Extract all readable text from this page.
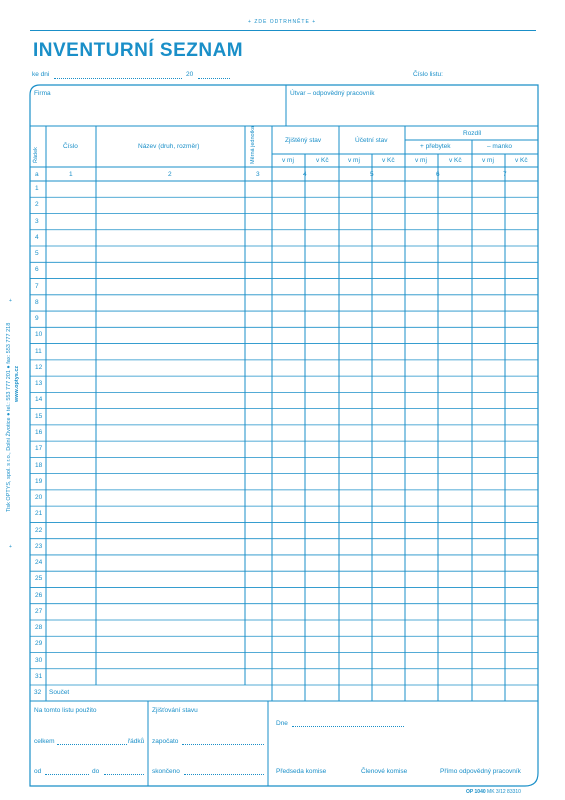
+ ZDE ODTRHNĚTE +
INVENTURNÍ SEZNAM
ke dni	20	Číslo listu:
Tisk OPTYS, spol. s r.o., Dolní Životice ● tel.: 553 777 201 ● fax: 553 777 218 www.optys.cz
+
+
Firma	Útvar – odpovědný pracovník
Řádek
Číslo	Název (druh, rozměr)	Měrná jednotka	Zjištěný stav	Účetní stav
Rozdíl
+ přebytek	– manko
v mj	v Kč	v mj	v Kč	v mj	v Kč	v mj	v Kč
a	1	2	3	4	5	6	7
1
2
3
4
5
6
7
8
9
10
11
12
13
14
15
16
17
18
19
20
21
22
23
24
25
26
27
28
29
30
31
32 Součet
Na tomto listu použito
celkem	řádků
od	do
Zjišťování stavu
započato
skončeno
Dne
Předseda komise	Členové komise	Přímo odpovědný pracovník
OP 1040 MK 3/12 83310
